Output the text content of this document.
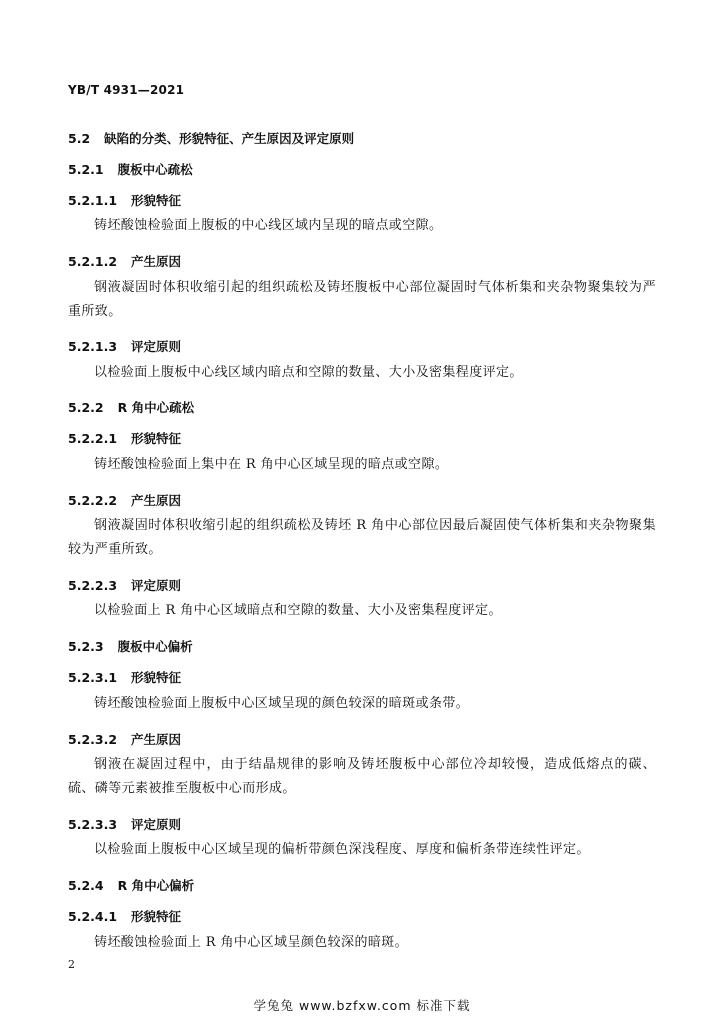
YB/T 4931—2021
5.2 缺陷的分类、形貌特征、产生原因及评定原则
5.2.1 腹板中心疏松
5.2.1.1 形貌特征
铸坯酸蚀检验面上腹板的中心线区域内呈现的暗点或空隙。
5.2.1.2 产生原因
钢液凝固时体积收缩引起的组织疏松及铸坯腹板中心部位凝固时气体析集和夹杂物聚集较为严重所致。
5.2.1.3 评定原则
以检验面上腹板中心线区域内暗点和空隙的数量、大小及密集程度评定。
5.2.2 R 角中心疏松
5.2.2.1 形貌特征
铸坯酸蚀检验面上集中在 R 角中心区域呈现的暗点或空隙。
5.2.2.2 产生原因
钢液凝固时体积收缩引起的组织疏松及铸坯 R 角中心部位因最后凝固使气体析集和夹杂物聚集较为严重所致。
5.2.2.3 评定原则
以检验面上 R 角中心区域暗点和空隙的数量、大小及密集程度评定。
5.2.3 腹板中心偏析
5.2.3.1 形貌特征
铸坯酸蚀检验面上腹板中心区域呈现的颜色较深的暗斑或条带。
5.2.3.2 产生原因
钢液在凝固过程中，由于结晶规律的影响及铸坯腹板中心部位冷却较慢，造成低熔点的碳、硫、磷等元素被推至腹板中心而形成。
5.2.3.3 评定原则
以检验面上腹板中心区域呈现的偏析带颜色深浅程度、厚度和偏析条带连续性评定。
5.2.4 R 角中心偏析
5.2.4.1 形貌特征
铸坯酸蚀检验面上 R 角中心区域呈颜色较深的暗斑。
2
学兔兔 www.bzfxw.com 标准下载
